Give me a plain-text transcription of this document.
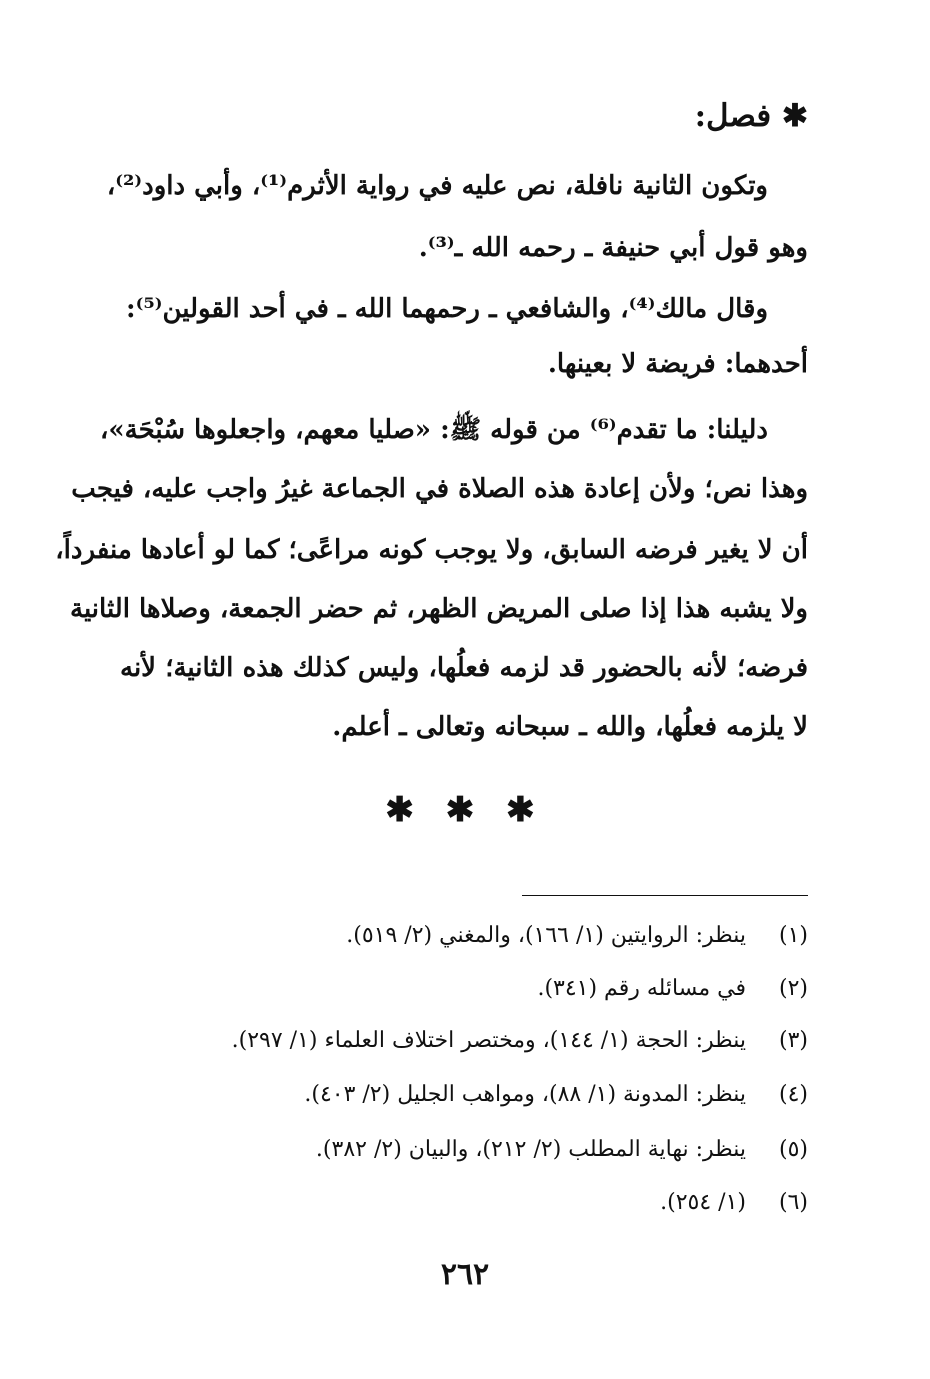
✱ فصل:
وتكون الثانية نافلة، نص عليه في رواية الأثرم⁽¹⁾، وأبي داود⁽²⁾،
وهو قول أبي حنيفة ـ رحمه الله ـ⁽³⁾.
وقال مالك⁽⁴⁾، والشافعي ـ رحمهما الله ـ في أحد القولين⁽⁵⁾:
أحدهما: فريضة لا بعينها.
دليلنا: ما تقدم⁽⁶⁾ من قوله ﷺ: «صليا معهم، واجعلوها سُبْحَة»،
وهذا نص؛ ولأن إعادة هذه الصلاة في الجماعة غيرُ واجب عليه، فيجب
أن لا يغير فرضه السابق، ولا يوجب كونه مراعًى؛ كما لو أعادها منفرداً،
ولا يشبه هذا إذا صلى المريض الظهر، ثم حضر الجمعة، وصلاها الثانية
فرضه؛ لأنه بالحضور قد لزمه فعلُها، وليس كذلك هذه الثانية؛ لأنه
لا يلزمه فعلُها، والله ـ سبحانه وتعالى ـ أعلم.
✱ ✱ ✱
(١)ينظر: الروايتين (١/ ١٦٦)، والمغني (٢/ ٥١٩).
(٢)في مسائله رقم (٣٤١).
(٣)ينظر: الحجة (١/ ١٤٤)، ومختصر اختلاف العلماء (١/ ٢٩٧).
(٤)ينظر: المدونة (١/ ٨٨)، ومواهب الجليل (٢/ ٤٠٣).
(٥)ينظر: نهاية المطلب (٢/ ٢١٢)، والبيان (٢/ ٣٨٢).
(٦)(١/ ٢٥٤).
٢٦٢
